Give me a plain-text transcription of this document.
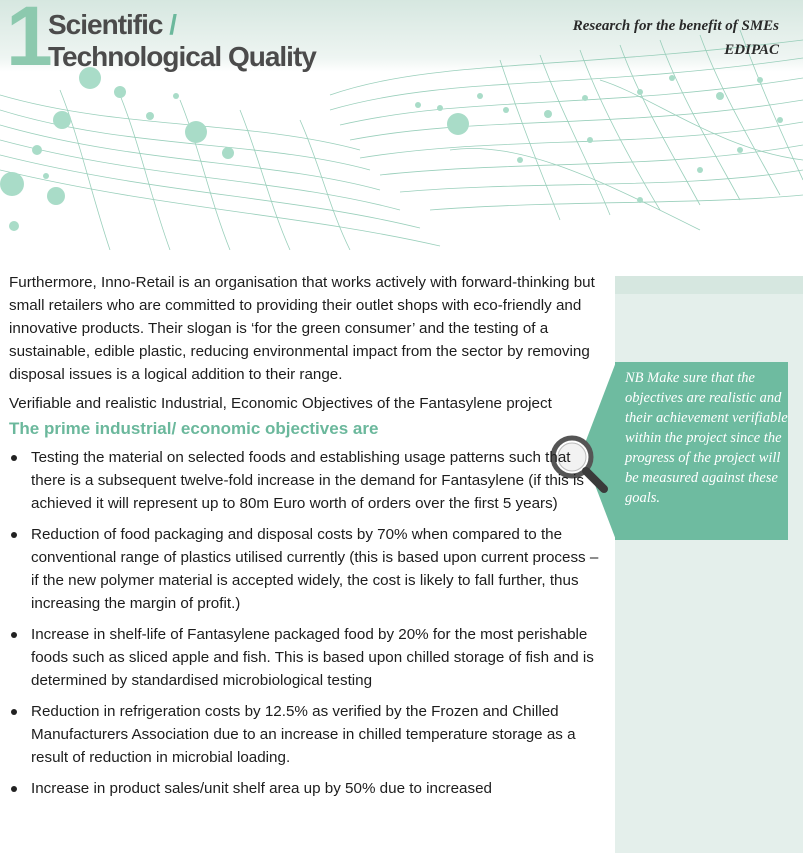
1 Scientific /
Technological Quality
Research for the benefit of SMEs
EDIPAC
NB Make sure that the objectives are realistic and their achievement verifiable within the project since the progress of the project will be measured against these goals.

Furthermore, Inno-Retail is an organisation that works actively with forward-thinking but small retailers who are committed to providing their outlet shops with eco-friendly and innovative products. Their slogan is ‘for the green consumer’ and the testing of a sustainable, edible plastic, reducing environmental impact from the sector by removing disposal issues is a logical addition to their range.

Verifiable and realistic Industrial, Economic Objectives of the Fantasylene project

The prime industrial/ economic objectives are
Testing the material on selected foods and establishing usage patterns such that there is a subsequent twelve-fold increase in the demand for Fantasylene (if this is achieved it will represent up to 80m Euro worth of orders over the first 5 years)
Reduction of food packaging and disposal costs by 70% when compared to the conventional range of plastics utilised currently (this is based upon current process – if the new polymer material is accepted widely, the cost is likely to fall further, thus increasing the margin of profit.)
Increase in shelf-life of Fantasylene packaged food by 20% for the most perishable foods such as sliced apple and fish. This is based upon chilled storage of fish and is determined by standardised microbiological testing
Reduction in refrigeration costs by 12.5% as verified by the Frozen and Chilled Manufacturers Association due to an increase in chilled temperature storage as a result of reduction in microbial loading.
Increase in product sales/unit shelf area up by 50% due to increased
